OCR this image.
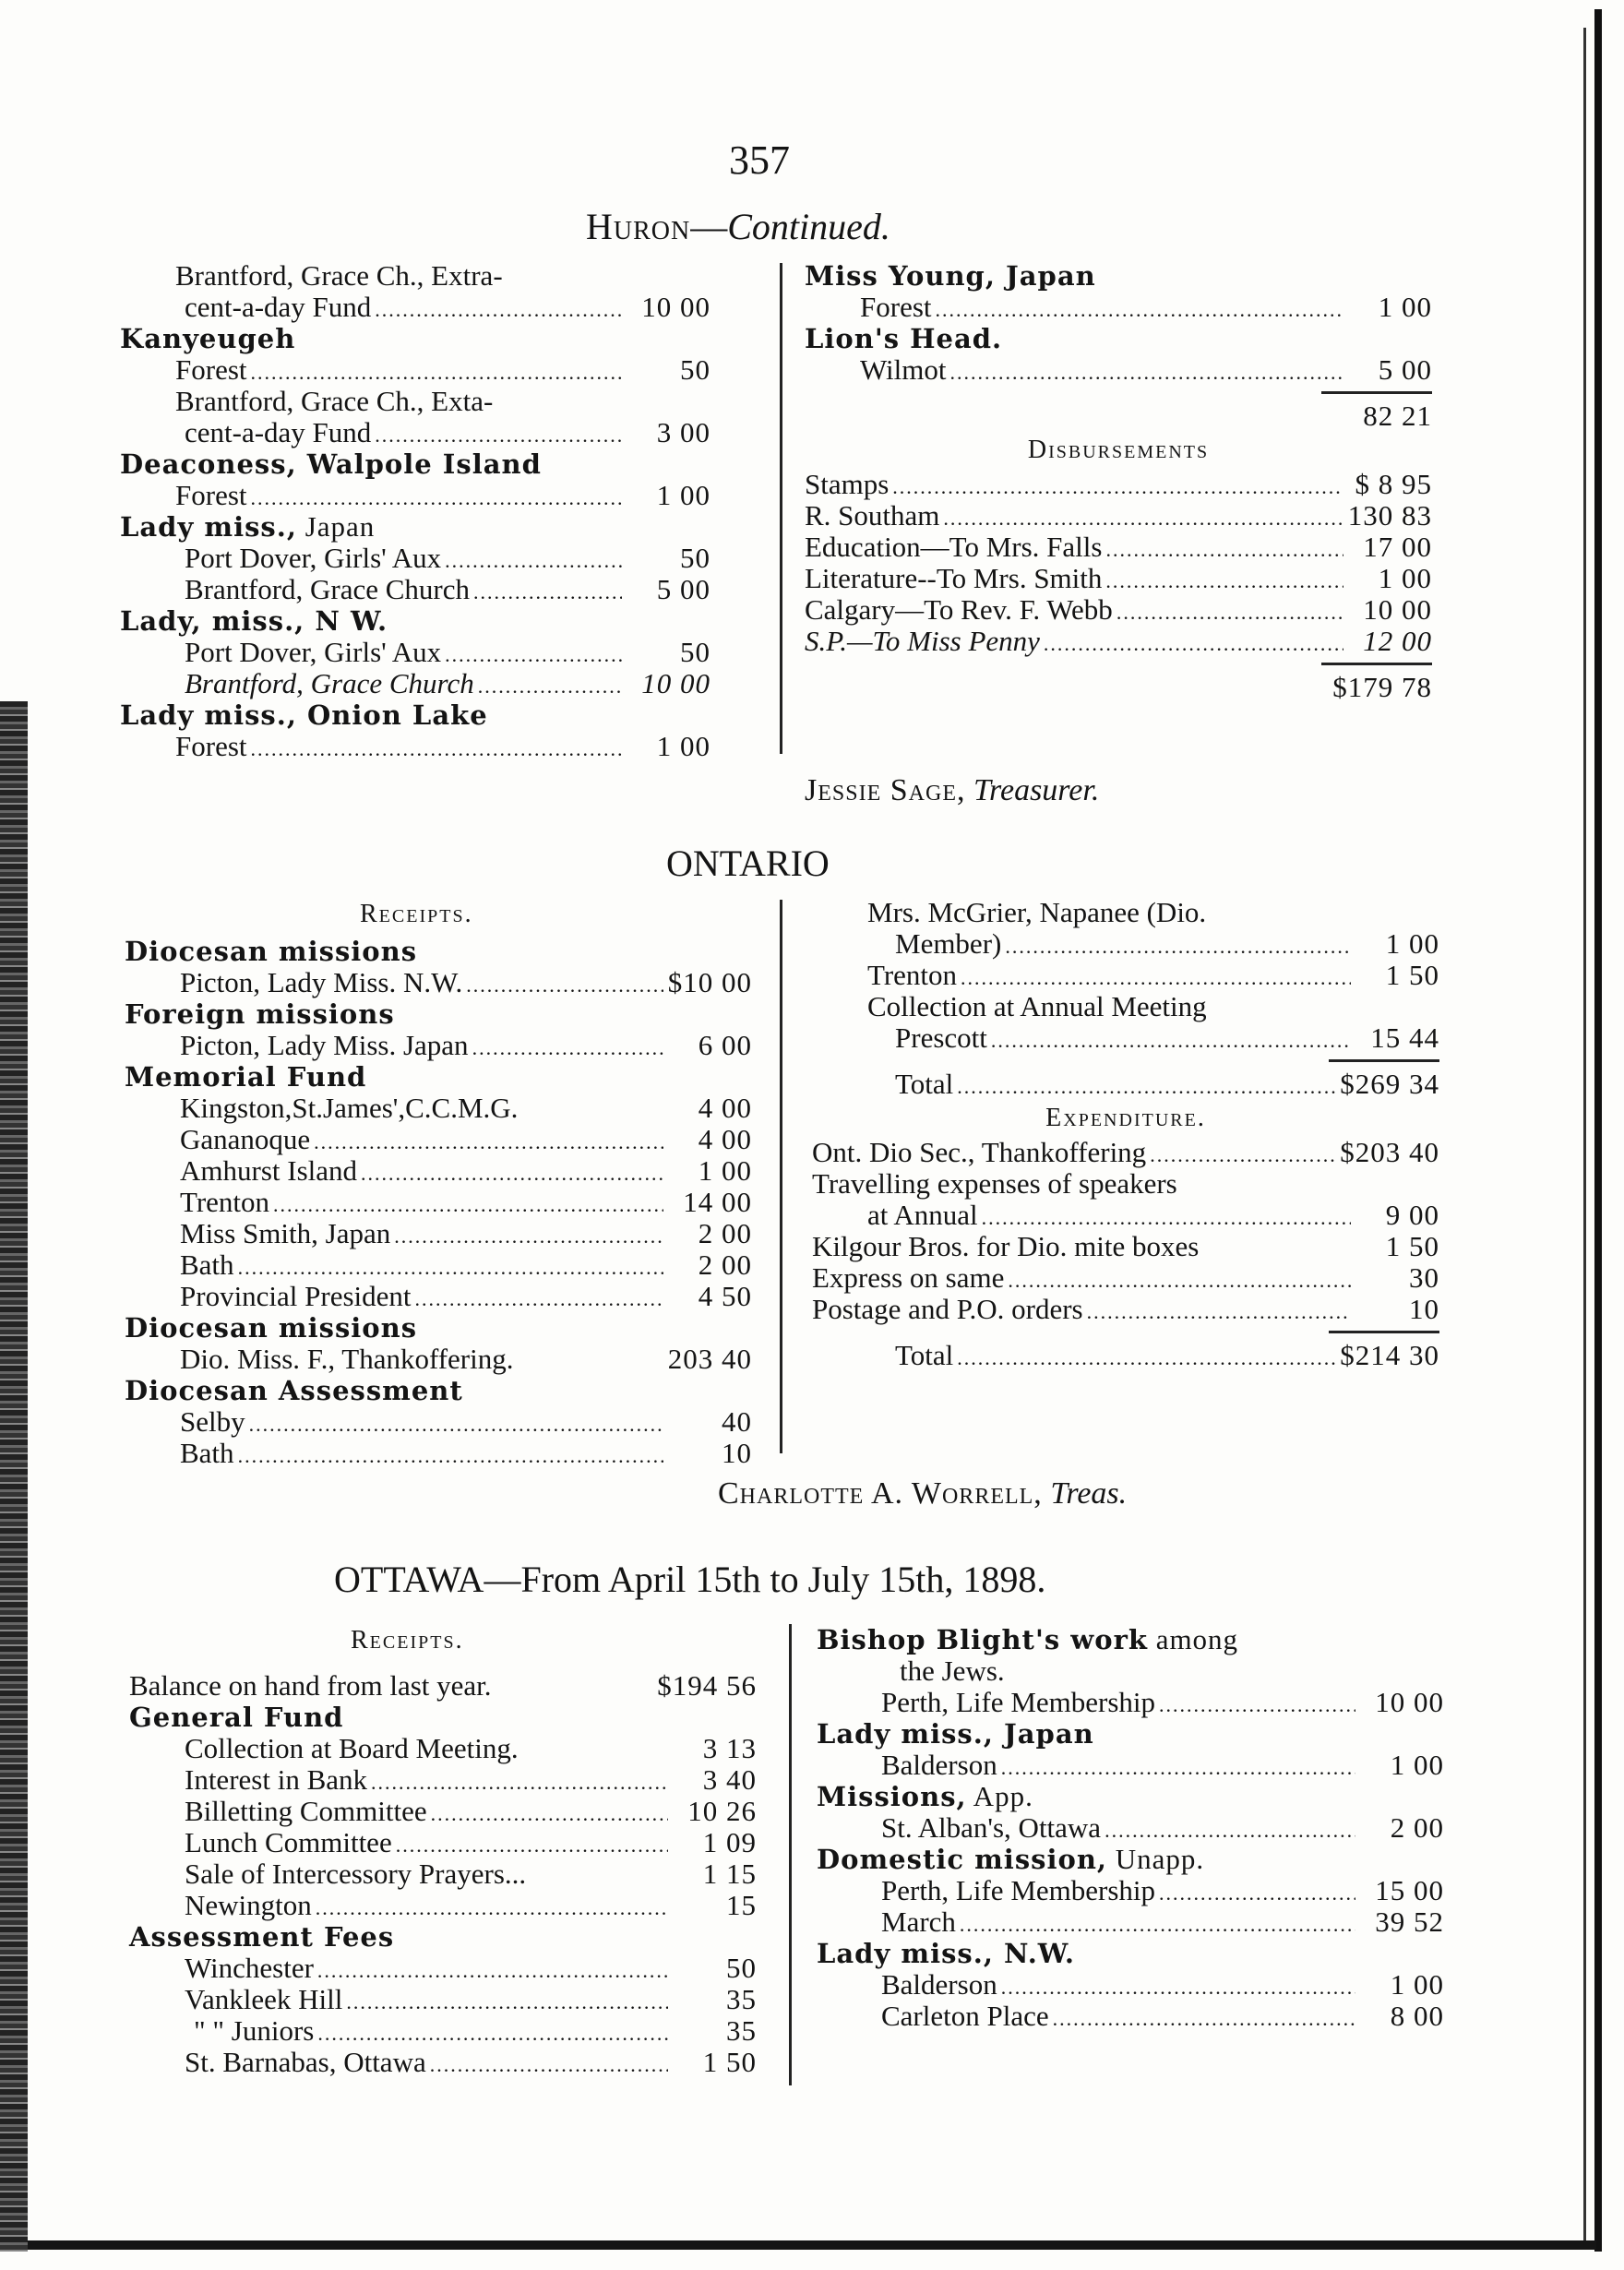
357
Huron—Continued.
Brantford, Grace Ch., Extra-
cent-a-day Fund .....	10 00
Kanyeugeh
Forest .....	50
Brantford, Grace Ch., Exta-
cent-a-day Fund .....	3 00
Deaconess, Walpole Island
Forest .....	1 00
Lady miss., Japan
Port Dover, Girls' Aux .....	50
Brantford, Grace Church .....	5 00
Lady, miss., N W.
Port Dover, Girls' Aux .....	50
Brantford, Grace Church .....	10 00
Lady miss., Onion Lake
Forest .....	1 00
Miss Young, Japan
Forest .....	1 00
Lion's Head.
Wilmot .....	5 00
82 21
Disbursements
Stamps .....	$ 8 95
R. Southam .....	130 83
Education—To Mrs. Falls .....	17 00
Literature--To Mrs. Smith .....	1 00
Calgary—To Rev. F. Webb .....	10 00
S.P.—To Miss Penny .....	12 00
$179 78
Jessie Sage, Treasurer.
ONTARIO
Receipts.
Diocesan missions
Picton, Lady Miss. N.W. .....	$10 00
Foreign missions
Picton, Lady Miss. Japan .....	6 00
Memorial Fund
Kingston,St.James',C.C.M.G.	4 00
Gananoque .....	4 00
Amhurst Island .....	1 00
Trenton .....	14 00
Miss Smith, Japan .....	2 00
Bath .....	2 00
Provincial President .....	4 50
Diocesan missions
Dio. Miss. F., Thankoffering.	203 40
Diocesan Assessment
Selby .....	40
Bath .....	10
Mrs. McGrier, Napanee (Dio.
Member) .....	1 00
Trenton .....	1 50
Collection at Annual Meeting
Prescott .....	15 44
Total .....	$269 34
Expenditure.
Ont. Dio Sec., Thankoffering .....	$203 40
Travelling expenses of speakers
at Annual .....	9 00
Kilgour Bros. for Dio. mite boxes	1 50
Express on same .....	30
Postage and P.O. orders .....	10
Total .....	$214 30
Charlotte A. Worrell, Treas.
OTTAWA—From April 15th to July 15th, 1898.
Receipts.
Balance on hand from last year.	$194 56
General Fund
Collection at Board Meeting.	3 13
Interest in Bank .....	3 40
Billetting Committee .....	10 26
Lunch Committee .....	1 09
Sale of Intercessory Prayers...	1 15
Newington .....	15
Assessment Fees
Winchester .....	50
Vankleek Hill .....	35
" " Juniors .....	35
St. Barnabas, Ottawa .....	1 50
Bishop Blight's work among
the Jews.
Perth, Life Membership .....	10 00
Lady miss., Japan
Balderson .....	1 00
Missions, App.
St. Alban's, Ottawa .....	2 00
Domestic mission, Unapp.
Perth, Life Membership .....	15 00
March .....	39 52
Lady miss., N.W.
Balderson .....	1 00
Carleton Place .....	8 00
